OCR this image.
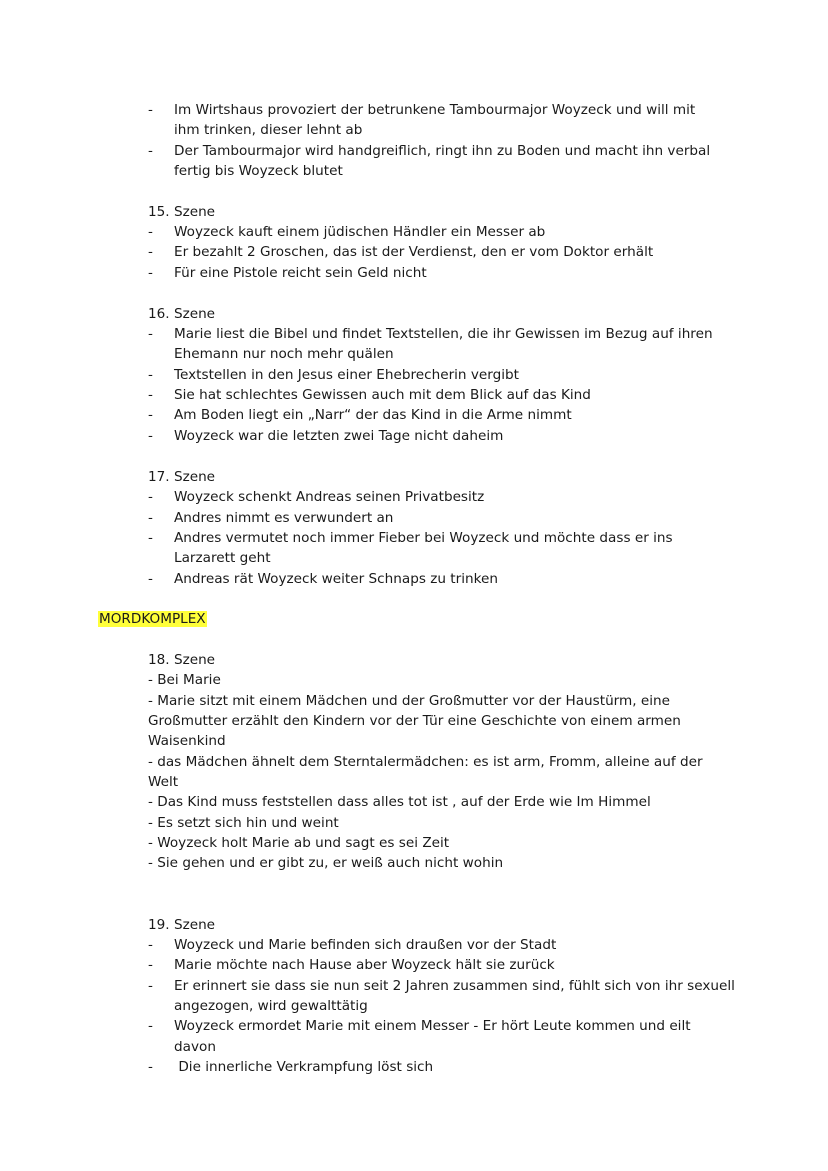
-	Im Wirtshaus provoziert der betrunkene Tambourmajor Woyzeck und will mit
ihm trinken, dieser lehnt ab
-	Der Tambourmajor wird handgreiflich, ringt ihn zu Boden und macht ihn verbal
fertig bis Woyzeck blutet
15. Szene
-	Woyzeck kauft einem jüdischen Händler ein Messer ab
-	Er bezahlt 2 Groschen, das ist der Verdienst, den er vom Doktor erhält
-	Für eine Pistole reicht sein Geld nicht
16. Szene
-	Marie liest die Bibel und findet Textstellen, die ihr Gewissen im Bezug auf ihren
Ehemann nur noch mehr quälen
-	Textstellen in den Jesus einer Ehebrecherin vergibt
-	Sie hat schlechtes Gewissen auch mit dem Blick auf das Kind
-	Am Boden liegt ein „Narr“ der das Kind in die Arme nimmt
-	Woyzeck war die letzten zwei Tage nicht daheim
17. Szene
-	Woyzeck schenkt Andreas seinen Privatbesitz
-	Andres nimmt es verwundert an
-	Andres vermutet noch immer Fieber bei Woyzeck und möchte dass er ins
Larzarett geht
-	Andreas rät Woyzeck weiter Schnaps zu trinken
MORDKOMPLEX
18. Szene
- Bei Marie
- Marie sitzt mit einem Mädchen und der Großmutter vor der Haustürm, eine
Großmutter erzählt den Kindern vor der Tür eine Geschichte von einem armen
Waisenkind
- das Mädchen ähnelt dem Sterntalermädchen: es ist arm, Fromm, alleine auf der
Welt
- Das Kind muss feststellen dass alles tot ist , auf der Erde wie Im Himmel
- Es setzt sich hin und weint
- Woyzeck holt Marie ab und sagt es sei Zeit
- Sie gehen und er gibt zu, er weiß auch nicht wohin
19. Szene
-	Woyzeck und Marie befinden sich draußen vor der Stadt
-	Marie möchte nach Hause aber Woyzeck hält sie zurück
-	Er erinnert sie dass sie nun seit 2 Jahren zusammen sind, fühlt sich von ihr sexuell
angezogen, wird gewalttätig
-	Woyzeck ermordet Marie mit einem Messer - Er hört Leute kommen und eilt
davon
-	Die innerliche Verkrampfung löst sich
